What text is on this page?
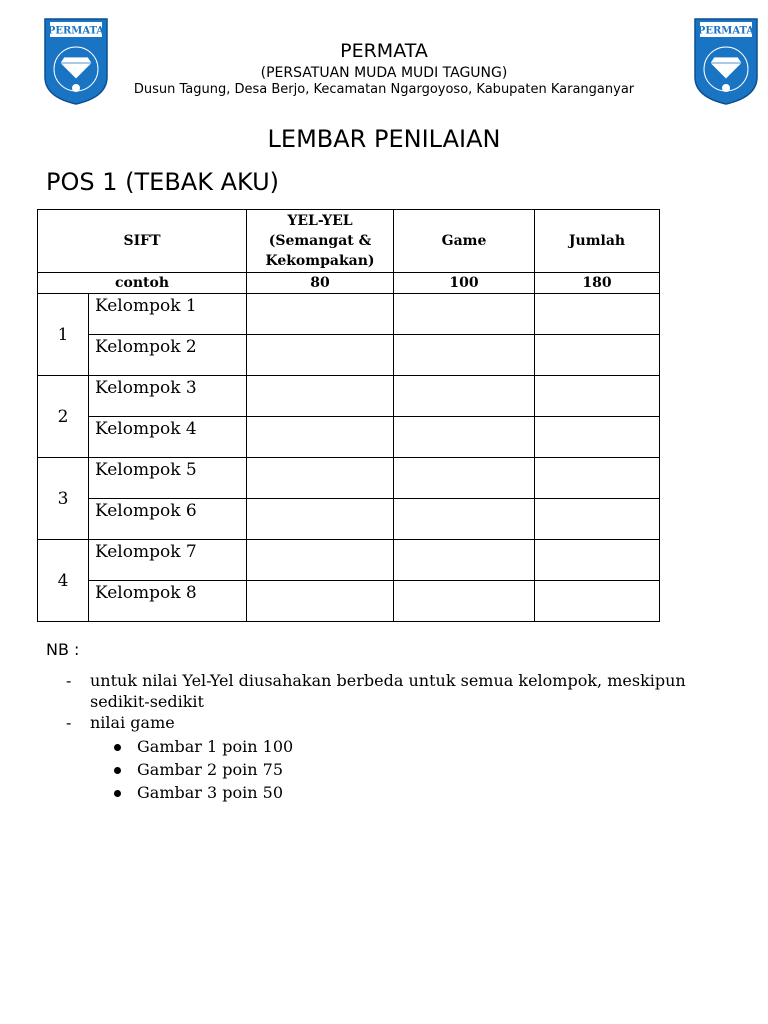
PERMATA	PERMATA
PERMATA
(PERSATUAN MUDA MUDI TAGUNG)
Dusun Tagung, Desa Berjo, Kecamatan Ngargoyoso, Kabupaten Karanganyar
LEMBAR PENILAIAN
POS 1 (TEBAK AKU)
SIFT		YEL-YEL
(Semangat &
Kekompakan)	Game	Jumlah
contoh		80	100	180
1	Kelompok 1			
	Kelompok 2			
2	Kelompok 3			
	Kelompok 4			
3	Kelompok 5			
	Kelompok 6			
4	Kelompok 7			
	Kelompok 8			
NB :
- untuk nilai Yel-Yel diusahakan berbeda untuk semua kelompok, meskipun sedikit-sedikit
- nilai game
Gambar 1 poin 100
Gambar 2 poin 75
Gambar 3 poin 50
